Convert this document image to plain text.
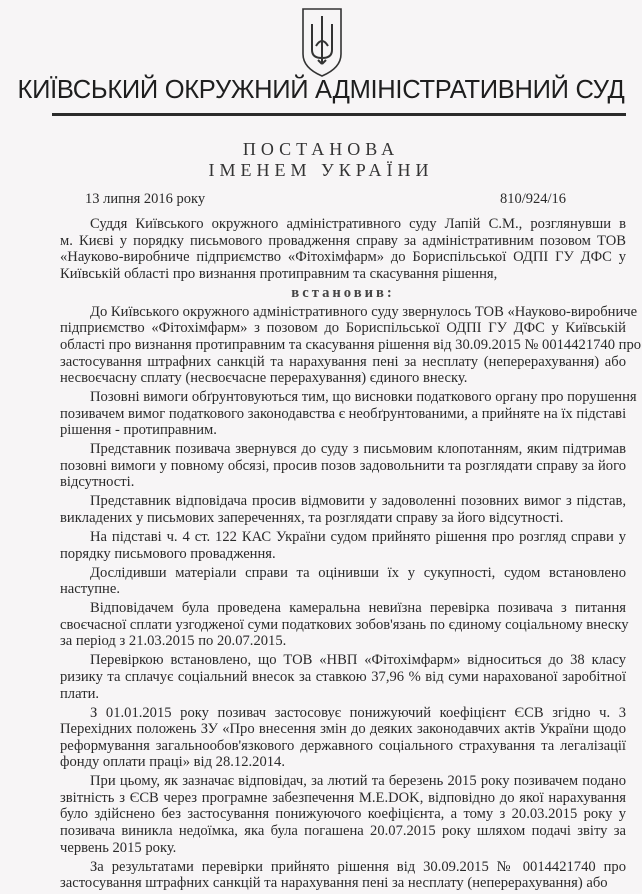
КИЇВСЬКИЙ ОКРУЖНИЙ АДМІНІСТРАТИВНИЙ СУД
ПОСТАНОВА
ІМЕНЕМ УКРАЇНИ
13 липня 2016 року	810/924/16
Суддя Київського окружного адміністративного суду Лапій С.М., розглянувши в
м. Києві у порядку письмового провадження справу за адміністративним позовом ТОВ
«Науково-виробниче підприємство «Фітохімфарм» до Бориспільської ОДПІ ГУ ДФС у
Київській області про визнання протиправним та скасування рішення,
встановив:
До Київського окружного адміністративного суду звернулось ТОВ «Науково-виробниче
підприємство «Фітохімфарм» з позовом до Бориспільської ОДПІ ГУ ДФС у Київській
області про визнання протиправним та скасування рішення від 30.09.2015 № 0014421740 про
застосування штрафних санкцій та нарахування пені за несплату (неперерахування) або
несвоєчасну сплату (несвоєчасне перерахування) єдиного внеску.
Позовні вимоги обґрунтовуються тим, що висновки податкового органу про порушення
позивачем вимог податкового законодавства є необґрунтованими, а прийняте на їх підставі
рішення - протиправним.
Представник позивача звернувся до суду з письмовим клопотанням, яким підтримав
позовні вимоги у повному обсязі, просив позов задовольнити та розглядати справу за його
відсутності.
Представник відповідача просив відмовити у задоволенні позовних вимог з підстав,
викладених у письмових запереченнях, та розглядати справу за його відсутності.
На підставі ч. 4 ст. 122 КАС України судом прийнято рішення про розгляд справи у
порядку письмового провадження.
Дослідивши матеріали справи та оцінивши їх у сукупності, судом встановлено
наступне.
Відповідачем була проведена камеральна невиїзна перевірка позивача з питання
своєчасної сплати узгодженої суми податкових зобов'язань по єдиному соціальному внеску
за період з 21.03.2015 по 20.07.2015.
Перевіркою встановлено, що ТОВ «НВП «Фітохімфарм» відноситься до 38 класу
ризику та сплачує соціальний внесок за ставкою 37,96 % від суми нарахованої заробітної
плати.
З 01.01.2015 року позивач застосовує понижуючий коефіцієнт ЄСВ згідно ч. 3
Перехідних положень ЗУ «Про внесення змін до деяких законодавчих актів України щодо
реформування загальнообов'язкового державного соціального страхування та легалізації
фонду оплати праці» від 28.12.2014.
При цьому, як зазначає відповідач, за лютий та березень 2015 року позивачем подано
звітність з ЄСВ через програмне забезпечення M.E.DOK, відповідно до якої нарахування
було здійснено без застосування понижуючого коефіцієнта, а тому з 20.03.2015 року у
позивача виникла недоїмка, яка була погашена 20.07.2015 року шляхом подачі звіту за
червень 2015 року.
За результатами перевірки прийнято рішення від 30.09.2015 № 0014421740 про
застосування штрафних санкцій та нарахування пені за несплату (неперерахування) або
